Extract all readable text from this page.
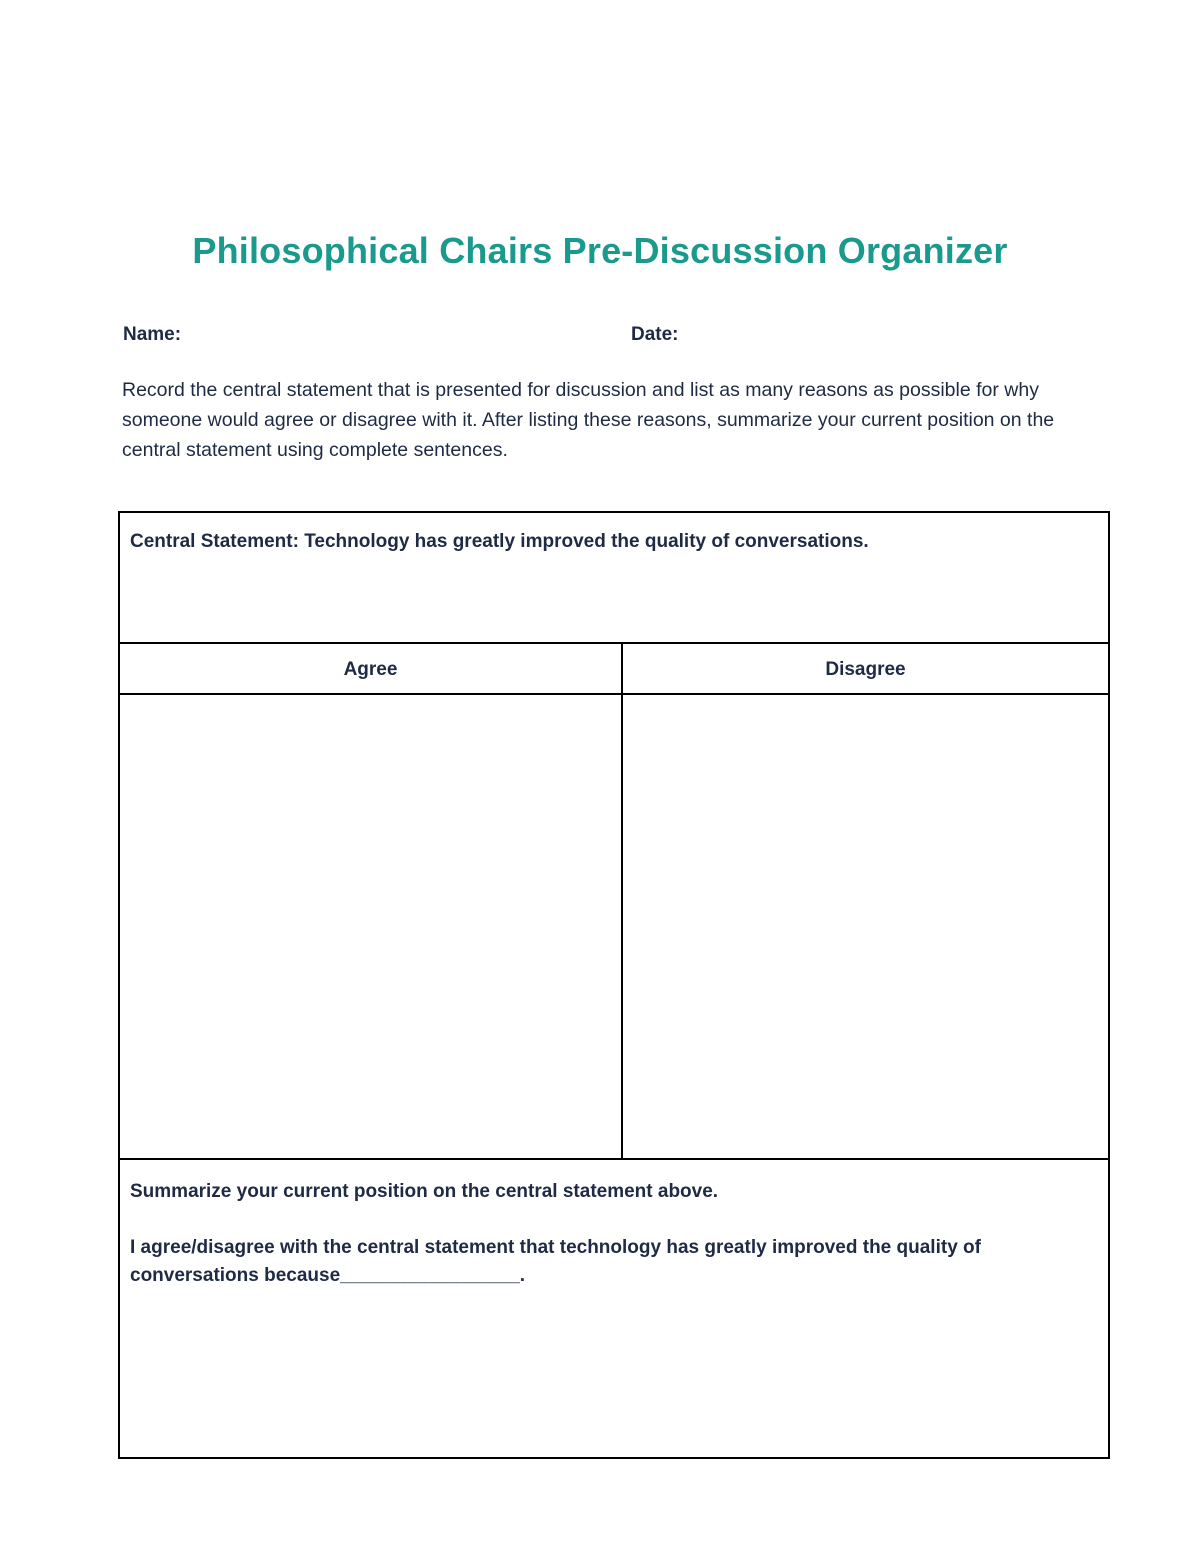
Philosophical Chairs Pre-Discussion Organizer
Name:	Date:
Record the central statement that is presented for discussion and list as many reasons as possible for why someone would agree or disagree with it. After listing these reasons, summarize your current position on the central statement using complete sentences.
Central Statement: Technology has greatly improved the quality of conversations.
Agree	Disagree

Summarize your current position on the central statement above.

I agree/disagree with the central statement that technology has greatly improved the quality of conversations because_________________.
